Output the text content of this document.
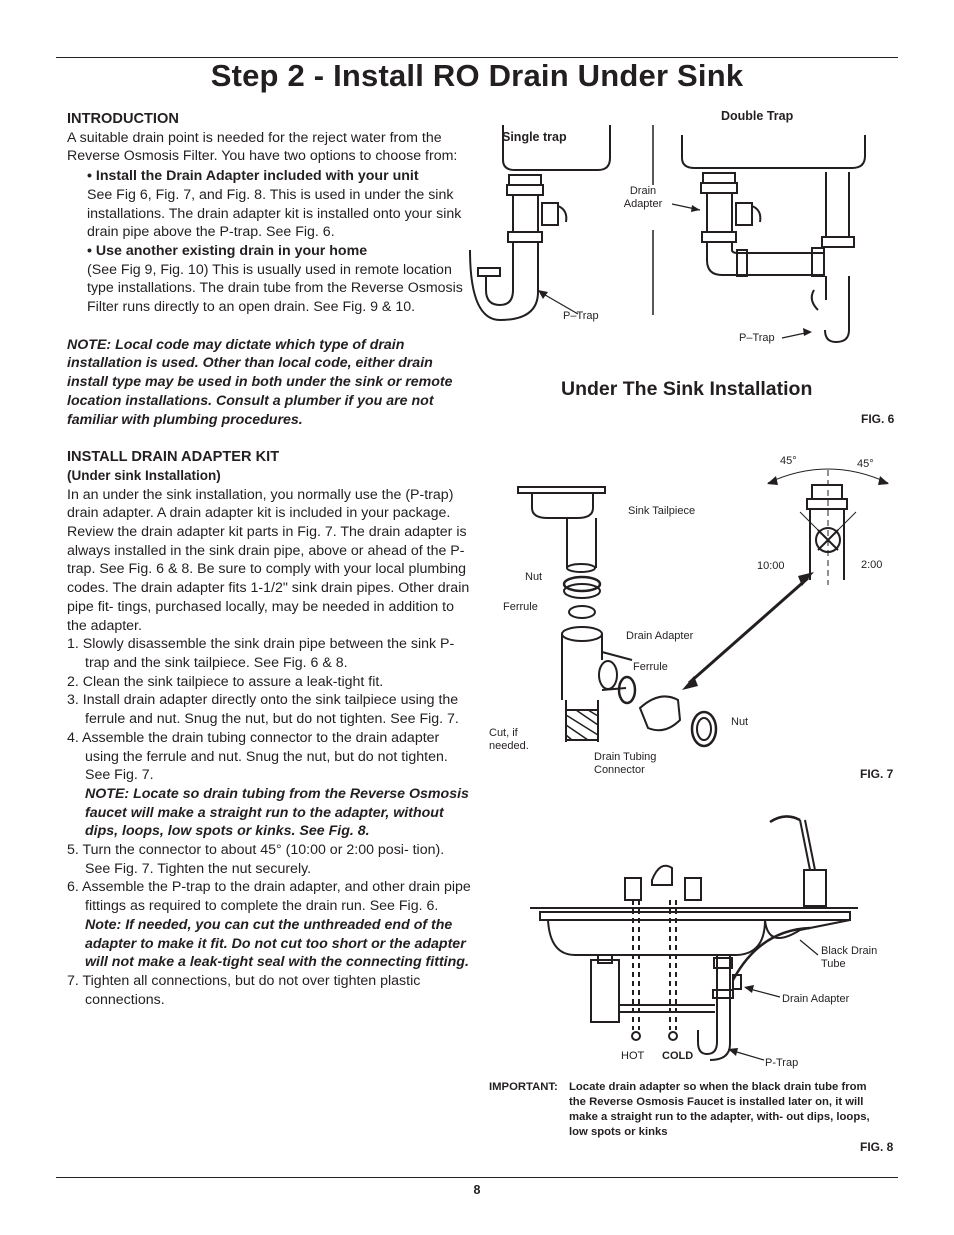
Step 2 - Install RO Drain Under Sink

INTRODUCTION

A suitable drain point is needed for the reject water from the Reverse Osmosis Filter. You have two options to choose from:

• Install the Drain Adapter included with your unit

See Fig 6, Fig. 7, and Fig. 8. This is used in under the sink installations. The drain adapter kit is installed onto your sink drain pipe above the P-trap. See Fig. 6.

• Use another existing drain in your home

(See Fig 9, Fig. 10) This is usually used in remote location type installations. The drain tube from the Reverse Osmosis Filter runs directly to an open drain. See Fig. 9 & 10.

NOTE: Local code may dictate which type of drain installation is used. Other than local code, either drain install type may be used in both under the sink or remote location installations. Consult a plumber if you are not familiar with plumbing procedures.

INSTALL DRAIN ADAPTER KIT

(Under sink Installation)

In an under the sink installation, you normally use the (P-trap) drain adapter. A drain adapter kit is included in your package. Review the drain adapter kit parts in Fig. 7. The drain adapter is always installed in the sink drain pipe, above or ahead of the P- trap. See Fig. 6 & 8. Be sure to comply with your local plumbing codes. The drain adapter fits 1-1/2" sink drain pipes. Other drain pipe fit- tings, purchased locally, may be needed in addition to the adapter.

1. Slowly disassemble the sink drain pipe between the sink P-trap and the sink tailpiece. See Fig. 6 & 8.

2. Clean the sink tailpiece to assure a leak-tight fit.

3. Install drain adapter directly onto the sink tailpiece using the ferrule and nut. Snug the nut, but do not tighten. See Fig. 7.

4. Assemble the drain tubing connector to the drain adapter using the ferrule and nut. Snug the nut, but do not tighten. See Fig. 7.

NOTE: Locate so drain tubing from the Reverse Osmosis faucet will make a straight run to the adapter, without dips, loops, low spots or kinks. See Fig. 8.

5. Turn the connector to about 45° (10:00 or 2:00 posi- tion). See Fig. 7. Tighten the nut securely.

6. Assemble the P-trap to the drain adapter, and other drain pipe fittings as required to complete the drain run. See Fig. 6.

Note: If needed, you can cut the unthreaded end of the adapter to make it fit. Do not cut too short or the adapter will not make a leak-tight seal with the connecting fitting.

7. Tighten all connections, but do not over tighten plastic connections.

Single trap
Double Trap
Drain Adapter
P–Trap
P–Trap
Under The Sink Installation
FIG. 6
45°	45°
Sink Tailpiece
10:00	2:00
Nut
Ferrule
Drain Adapter
Ferrule
Nut
Cut, if needed.
Drain Tubing Connector	FIG. 7
Black Drain Tube
Drain Adapter
HOT COLD
P-Trap
IMPORTANT: Locate drain adapter so when the black drain tube from the Reverse Osmosis Faucet is installed later on, it will make a straight run to the adapter, with- out dips, loops, low spots or kinks
FIG. 8
8
